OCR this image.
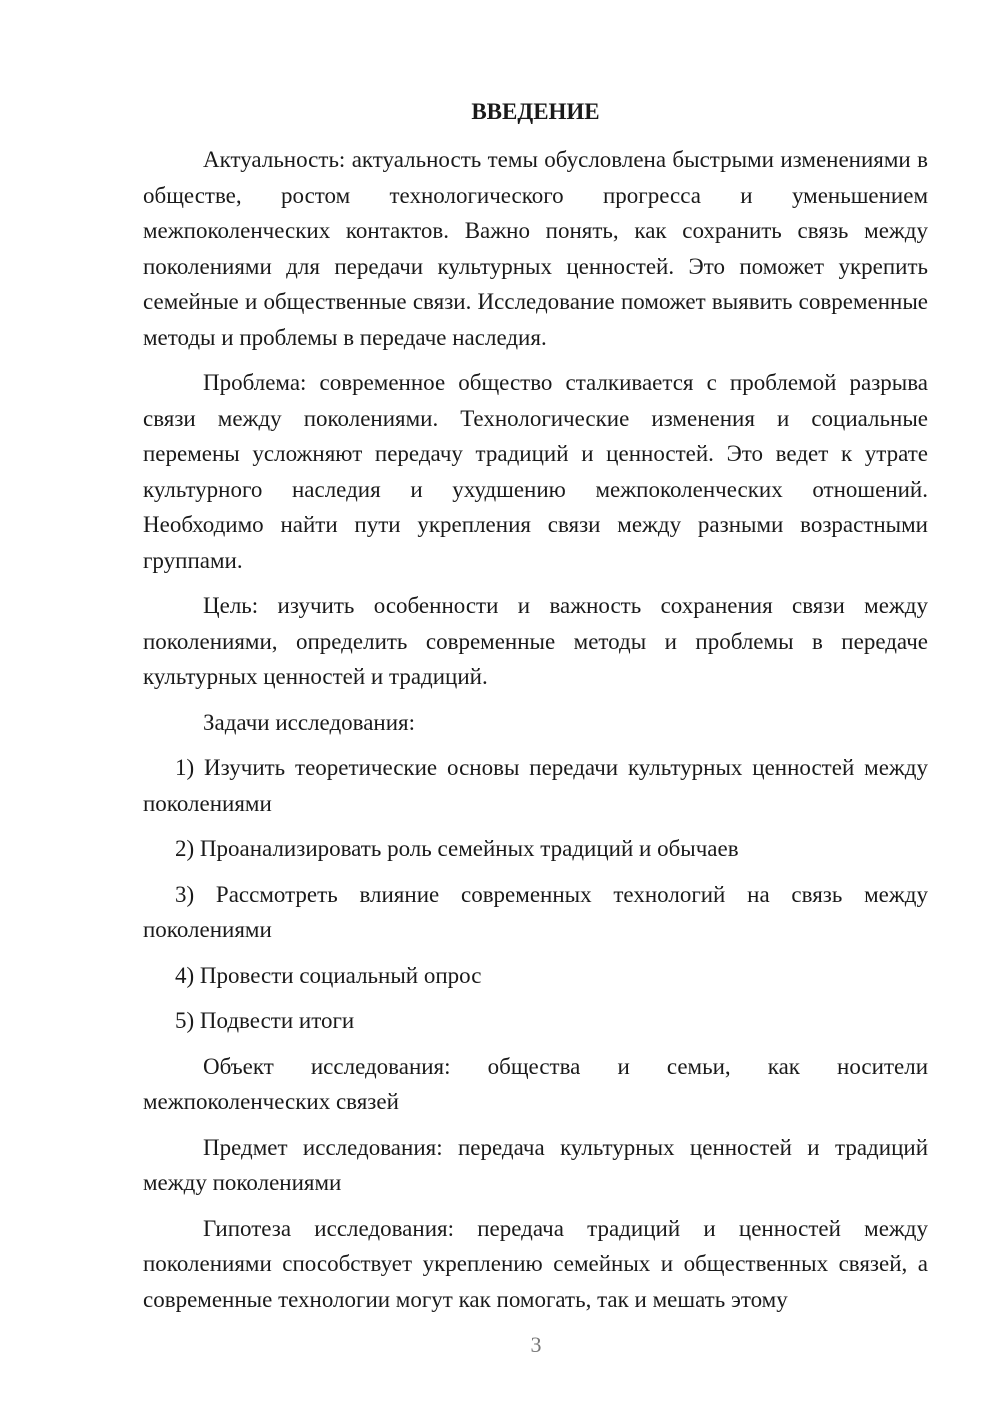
ВВЕДЕНИЕ
Актуальность: актуальность темы обусловлена быстрыми изменениями в обществе, ростом технологического прогресса и уменьшением межпоколенческих контактов. Важно понять, как сохранить связь между поколениями для передачи культурных ценностей. Это поможет укрепить семейные и общественные связи. Исследование поможет выявить современные методы и проблемы в передаче наследия.
Проблема: современное общество сталкивается с проблемой разрыва связи между поколениями. Технологические изменения и социальные перемены усложняют передачу традиций и ценностей. Это ведет к утрате культурного наследия и ухудшению межпоколенческих отношений. Необходимо найти пути укрепления связи между разными возрастными группами.
Цель: изучить особенности и важность сохранения связи между поколениями, определить современные методы и проблемы в передаче культурных ценностей и традиций.
Задачи исследования:
1) Изучить теоретические основы передачи культурных ценностей между поколениями
2) Проанализировать роль семейных традиций и обычаев
3) Рассмотреть влияние современных технологий на связь между поколениями
4) Провести социальный опрос
5) Подвести итоги
Объект исследования: общества и семьи, как носители межпоколенческих связей
Предмет исследования: передача культурных ценностей и традиций между поколениями
Гипотеза исследования: передача традиций и ценностей между поколениями способствует укреплению семейных и общественных связей, а современные технологии могут как помогать, так и мешать этому
3
